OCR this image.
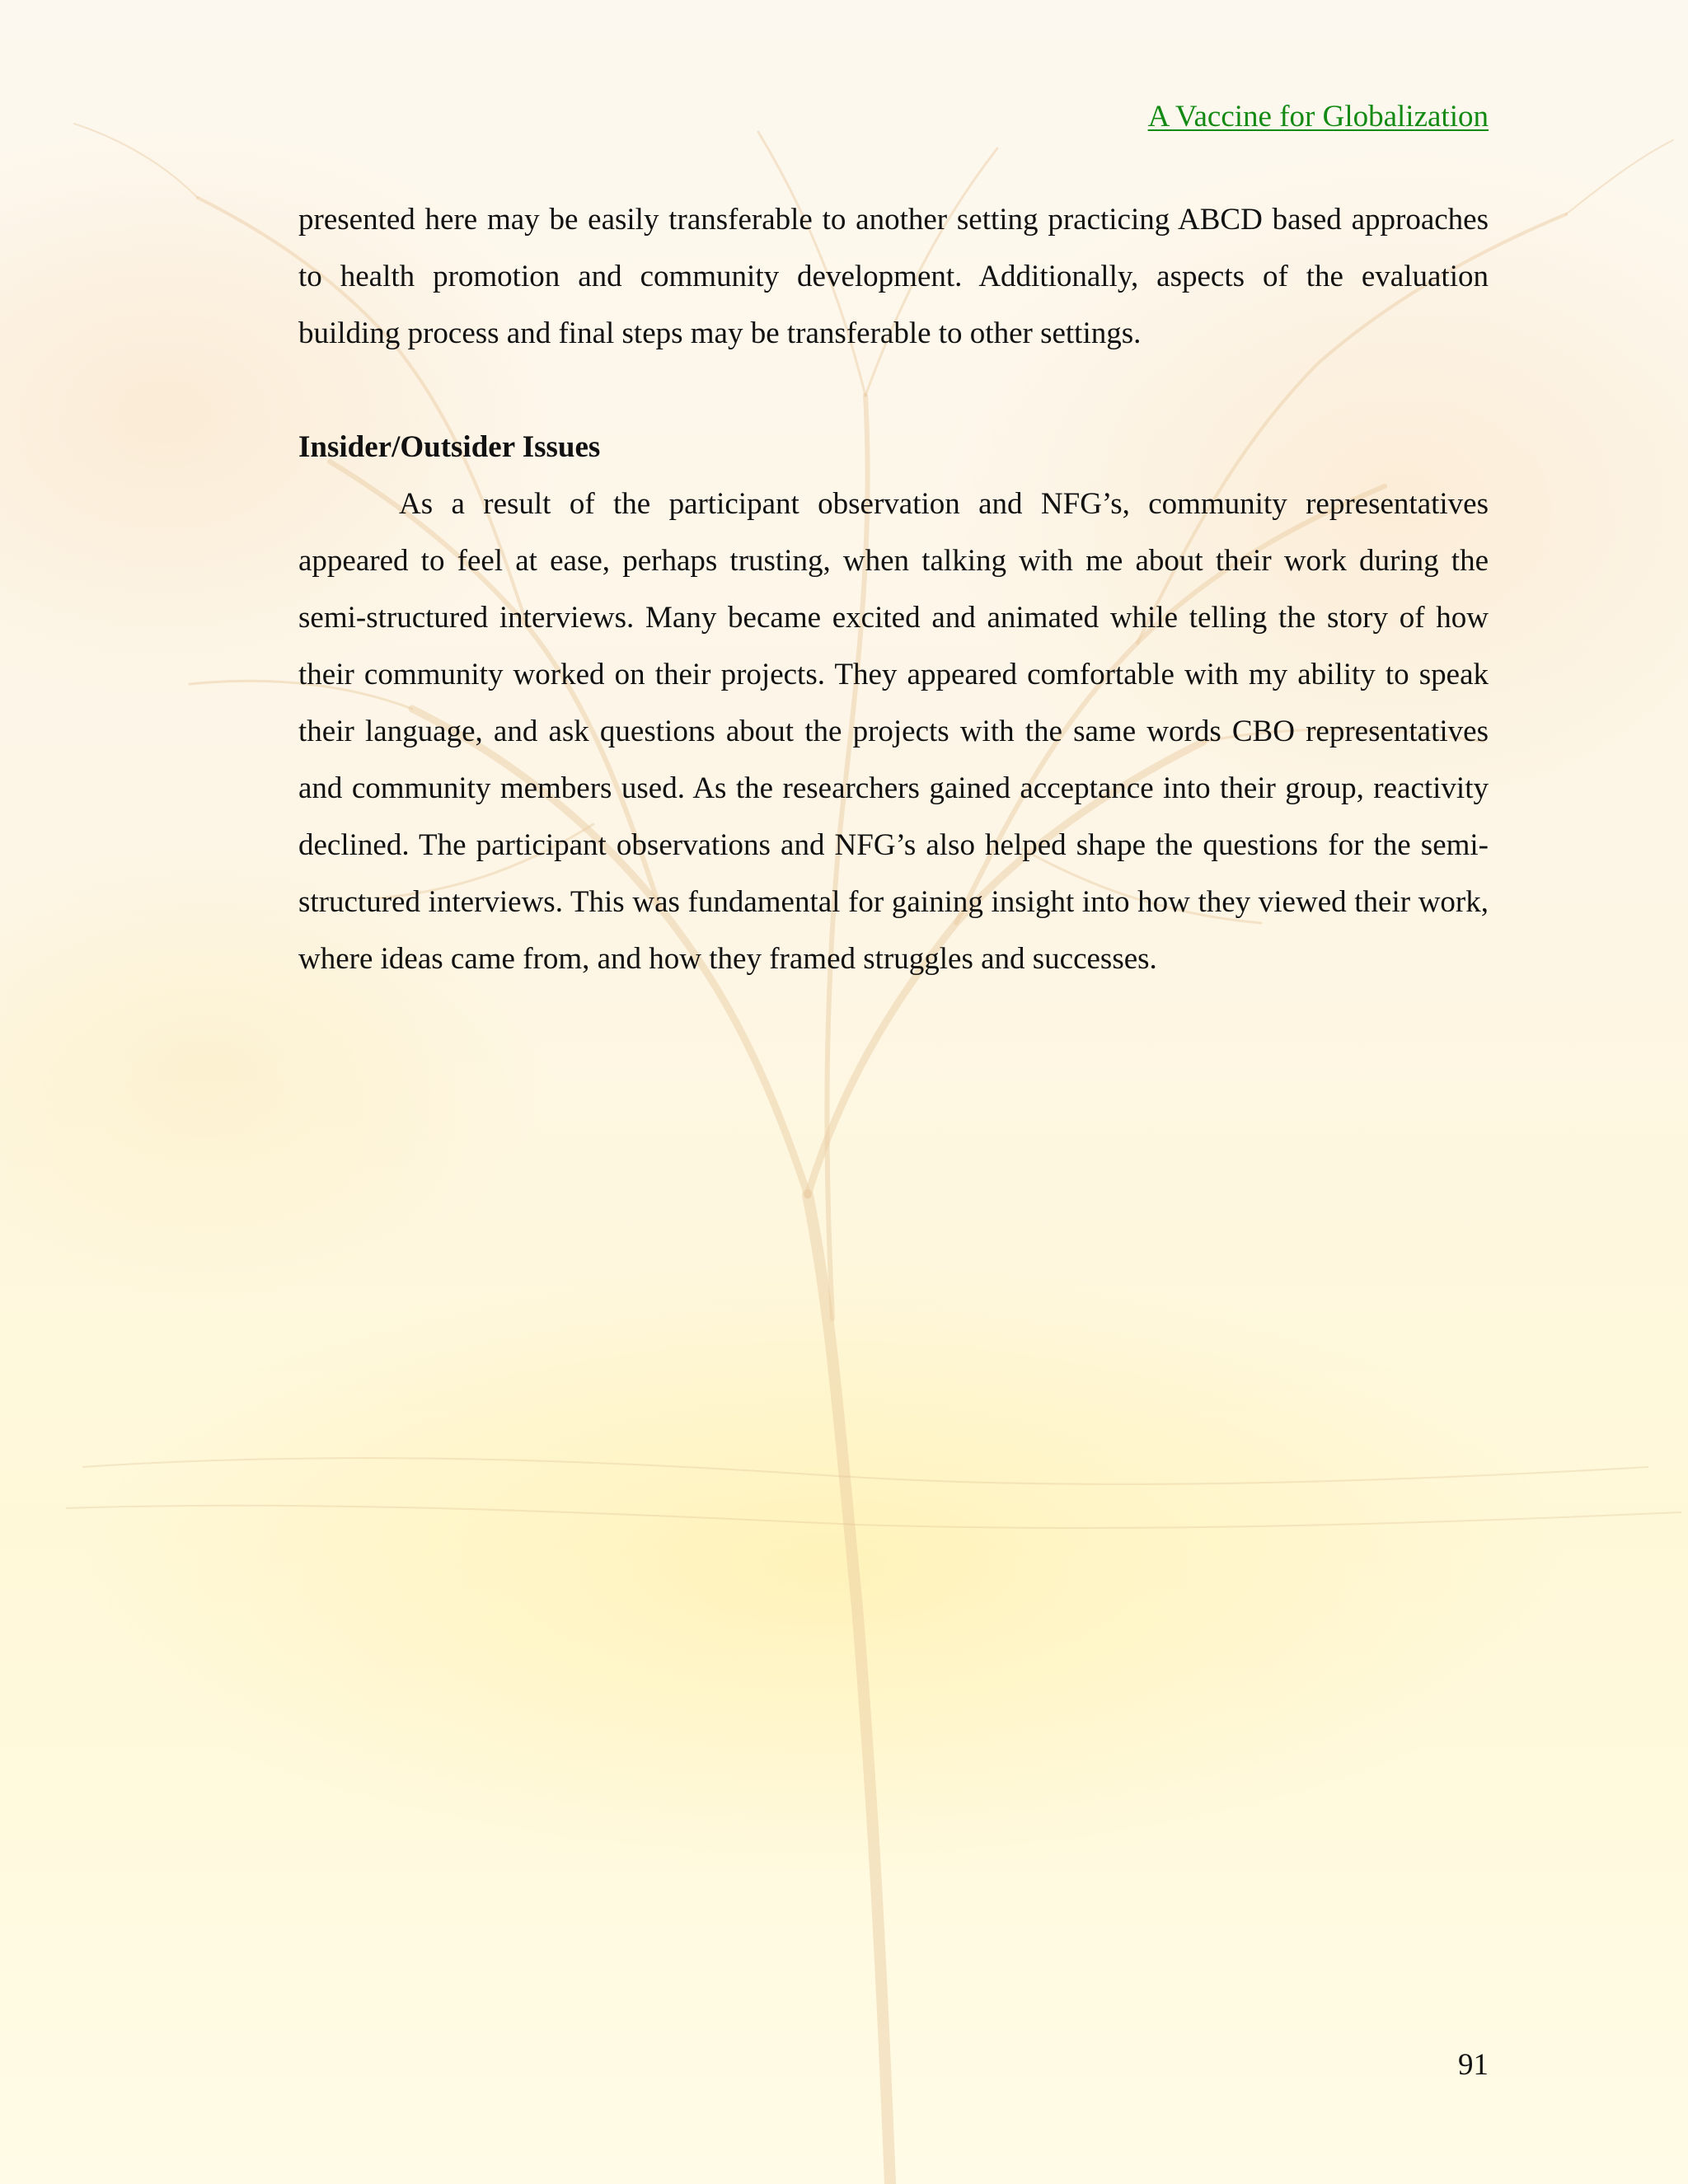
A Vaccine for Globalization

presented here may be easily transferable to another setting practicing ABCD based approaches to health promotion and community development. Additionally, aspects of the evaluation building process and final steps may be transferable to other settings.

Insider/Outsider Issues

As a result of the participant observation and NFG’s, community representatives appeared to feel at ease, perhaps trusting, when talking with me about their work during the semi-structured interviews. Many became excited and animated while telling the story of how their community worked on their projects. They appeared comfortable with my ability to speak their language, and ask questions about the projects with the same words CBO representatives and community members used. As the researchers gained acceptance into their group, reactivity declined. The participant observations and NFG’s also helped shape the questions for the semi-structured interviews. This was fundamental for gaining insight into how they viewed their work, where ideas came from, and how they framed struggles and successes.

91
